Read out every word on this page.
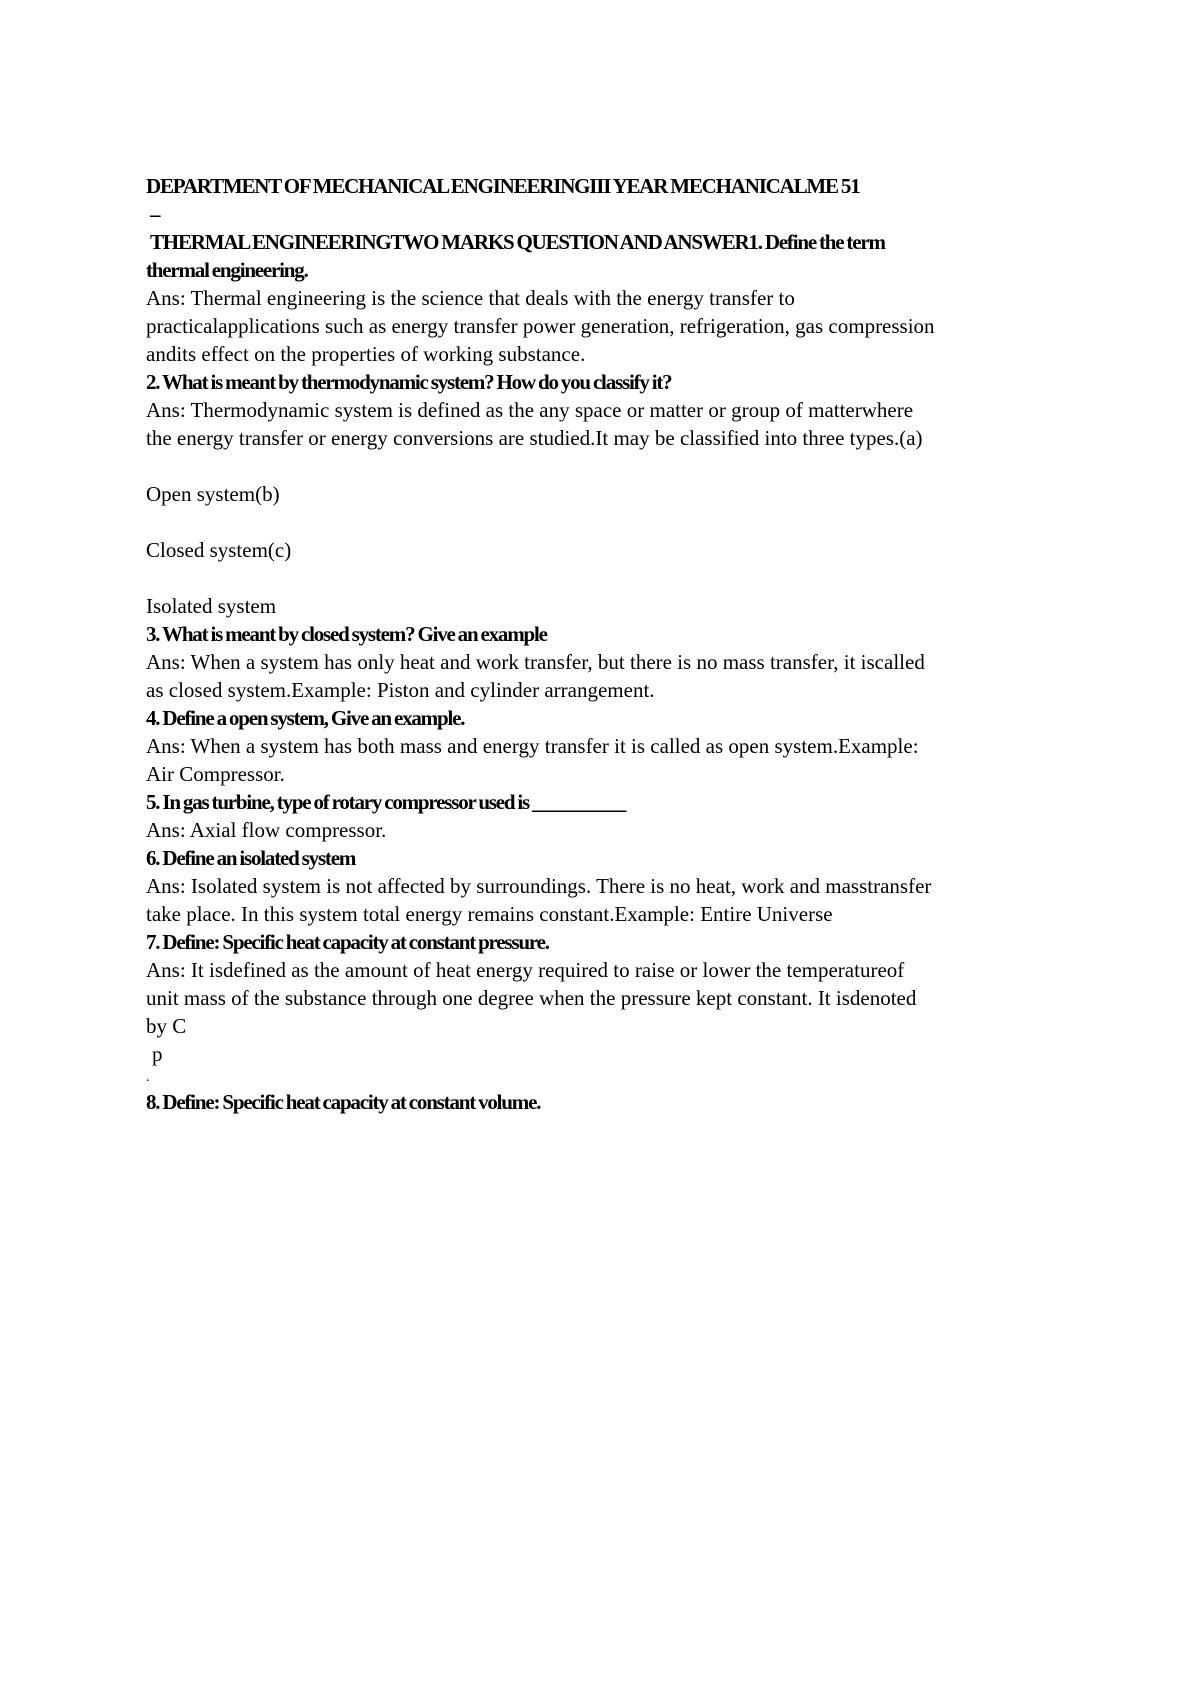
DEPARTMENT OF MECHANICAL ENGINEERINGIII YEAR MECHANICALME 51
–
THERMAL ENGINEERINGTWO MARKS QUESTION AND ANSWER1. Define the term
thermal engineering.
Ans: Thermal engineering is the science that deals with the energy transfer to
practicalapplications such as energy transfer power generation, refrigeration, gas compression
andits effect on the properties of working substance.
2. What is meant by thermodynamic system? How do you classify it?
Ans: Thermodynamic system is defined as the any space or matter or group of matterwhere
the energy transfer or energy conversions are studied.It may be classified into three types.(a)
Open system(b)
Closed system(c)
Isolated system
3. What is meant by closed system? Give an example
Ans: When a system has only heat and work transfer, but there is no mass transfer, it iscalled
as closed system.Example: Piston and cylinder arrangement.
4. Define a open system, Give an example.
Ans: When a system has both mass and energy transfer it is called as open system.Example:
Air Compressor.
5. In gas turbine, type of rotary compressor used is __________
Ans: Axial flow compressor.
6. Define an isolated system
Ans: Isolated system is not affected by surroundings. There is no heat, work and masstransfer
take place. In this system total energy remains constant.Example: Entire Universe
7. Define: Specific heat capacity at constant pressure.
Ans: It isdefined as the amount of heat energy required to raise or lower the temperatureof
unit mass of the substance through one degree when the pressure kept constant. It isdenoted
by C
p
.
8. Define: Specific heat capacity at constant volume.
